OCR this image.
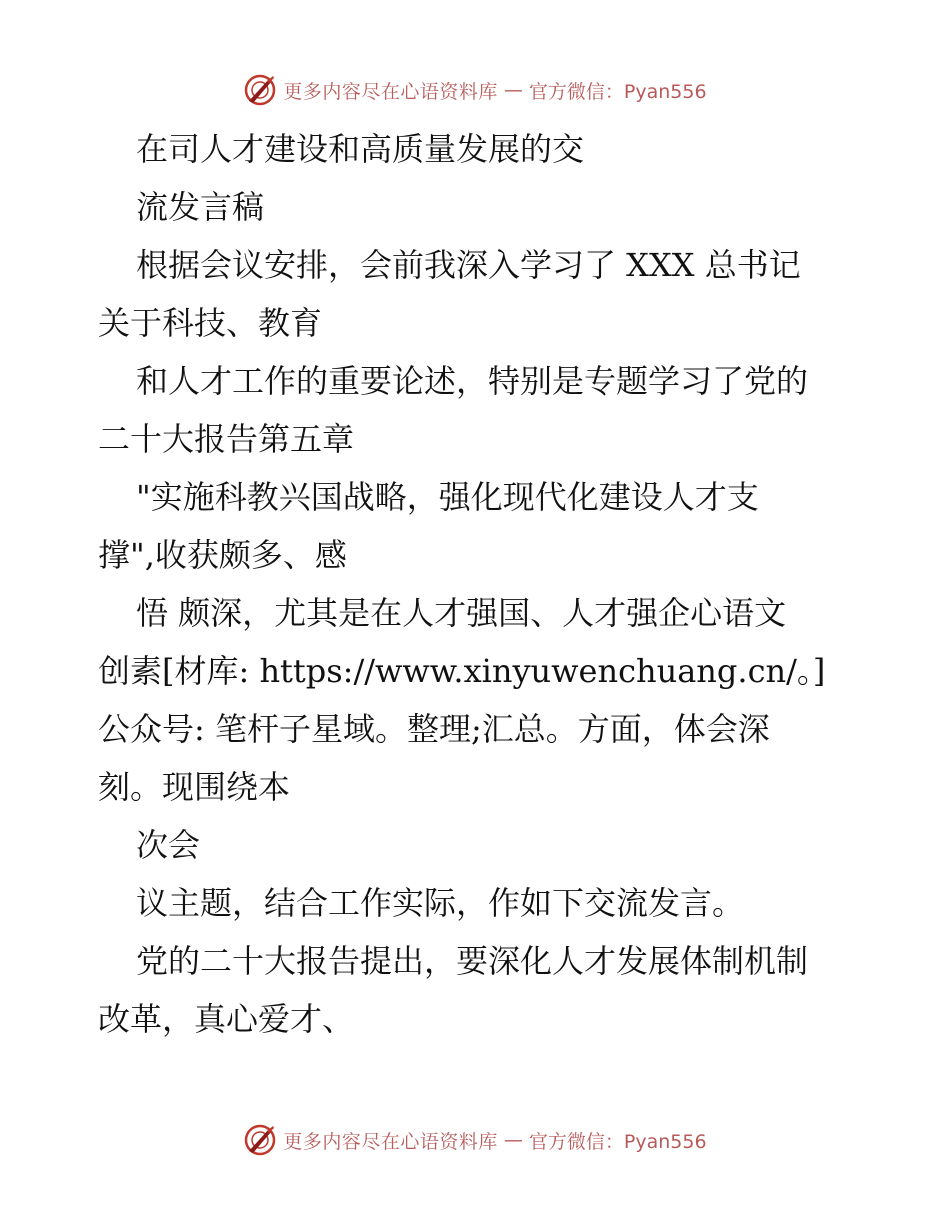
更多内容尽在心语资料库 — 官方微信：Pyan556
在司人才建设和高质量发展的交
流发言稿
根据会议安排，会前我深入学习了 XXX 总书记
关于科技、教育
和人才工作的重要论述，特别是专题学习了党的
二十大报告第五章
"实施科教兴国战略，强化现代化建设人才支
撑",收获颇多、感
悟 颇深，尤其是在人才强国、人才强企心语文
创素[材库: https://www.xinyuwenchuang.cn/。]
公众号: 笔杆子星域。整理;汇总。方面，体会深
刻。现围绕本
次会
议主题，结合工作实际，作如下交流发言。
党的二十大报告提出，要深化人才发展体制机制
改革，真心爱才、
更多内容尽在心语资料库 — 官方微信：Pyan556
